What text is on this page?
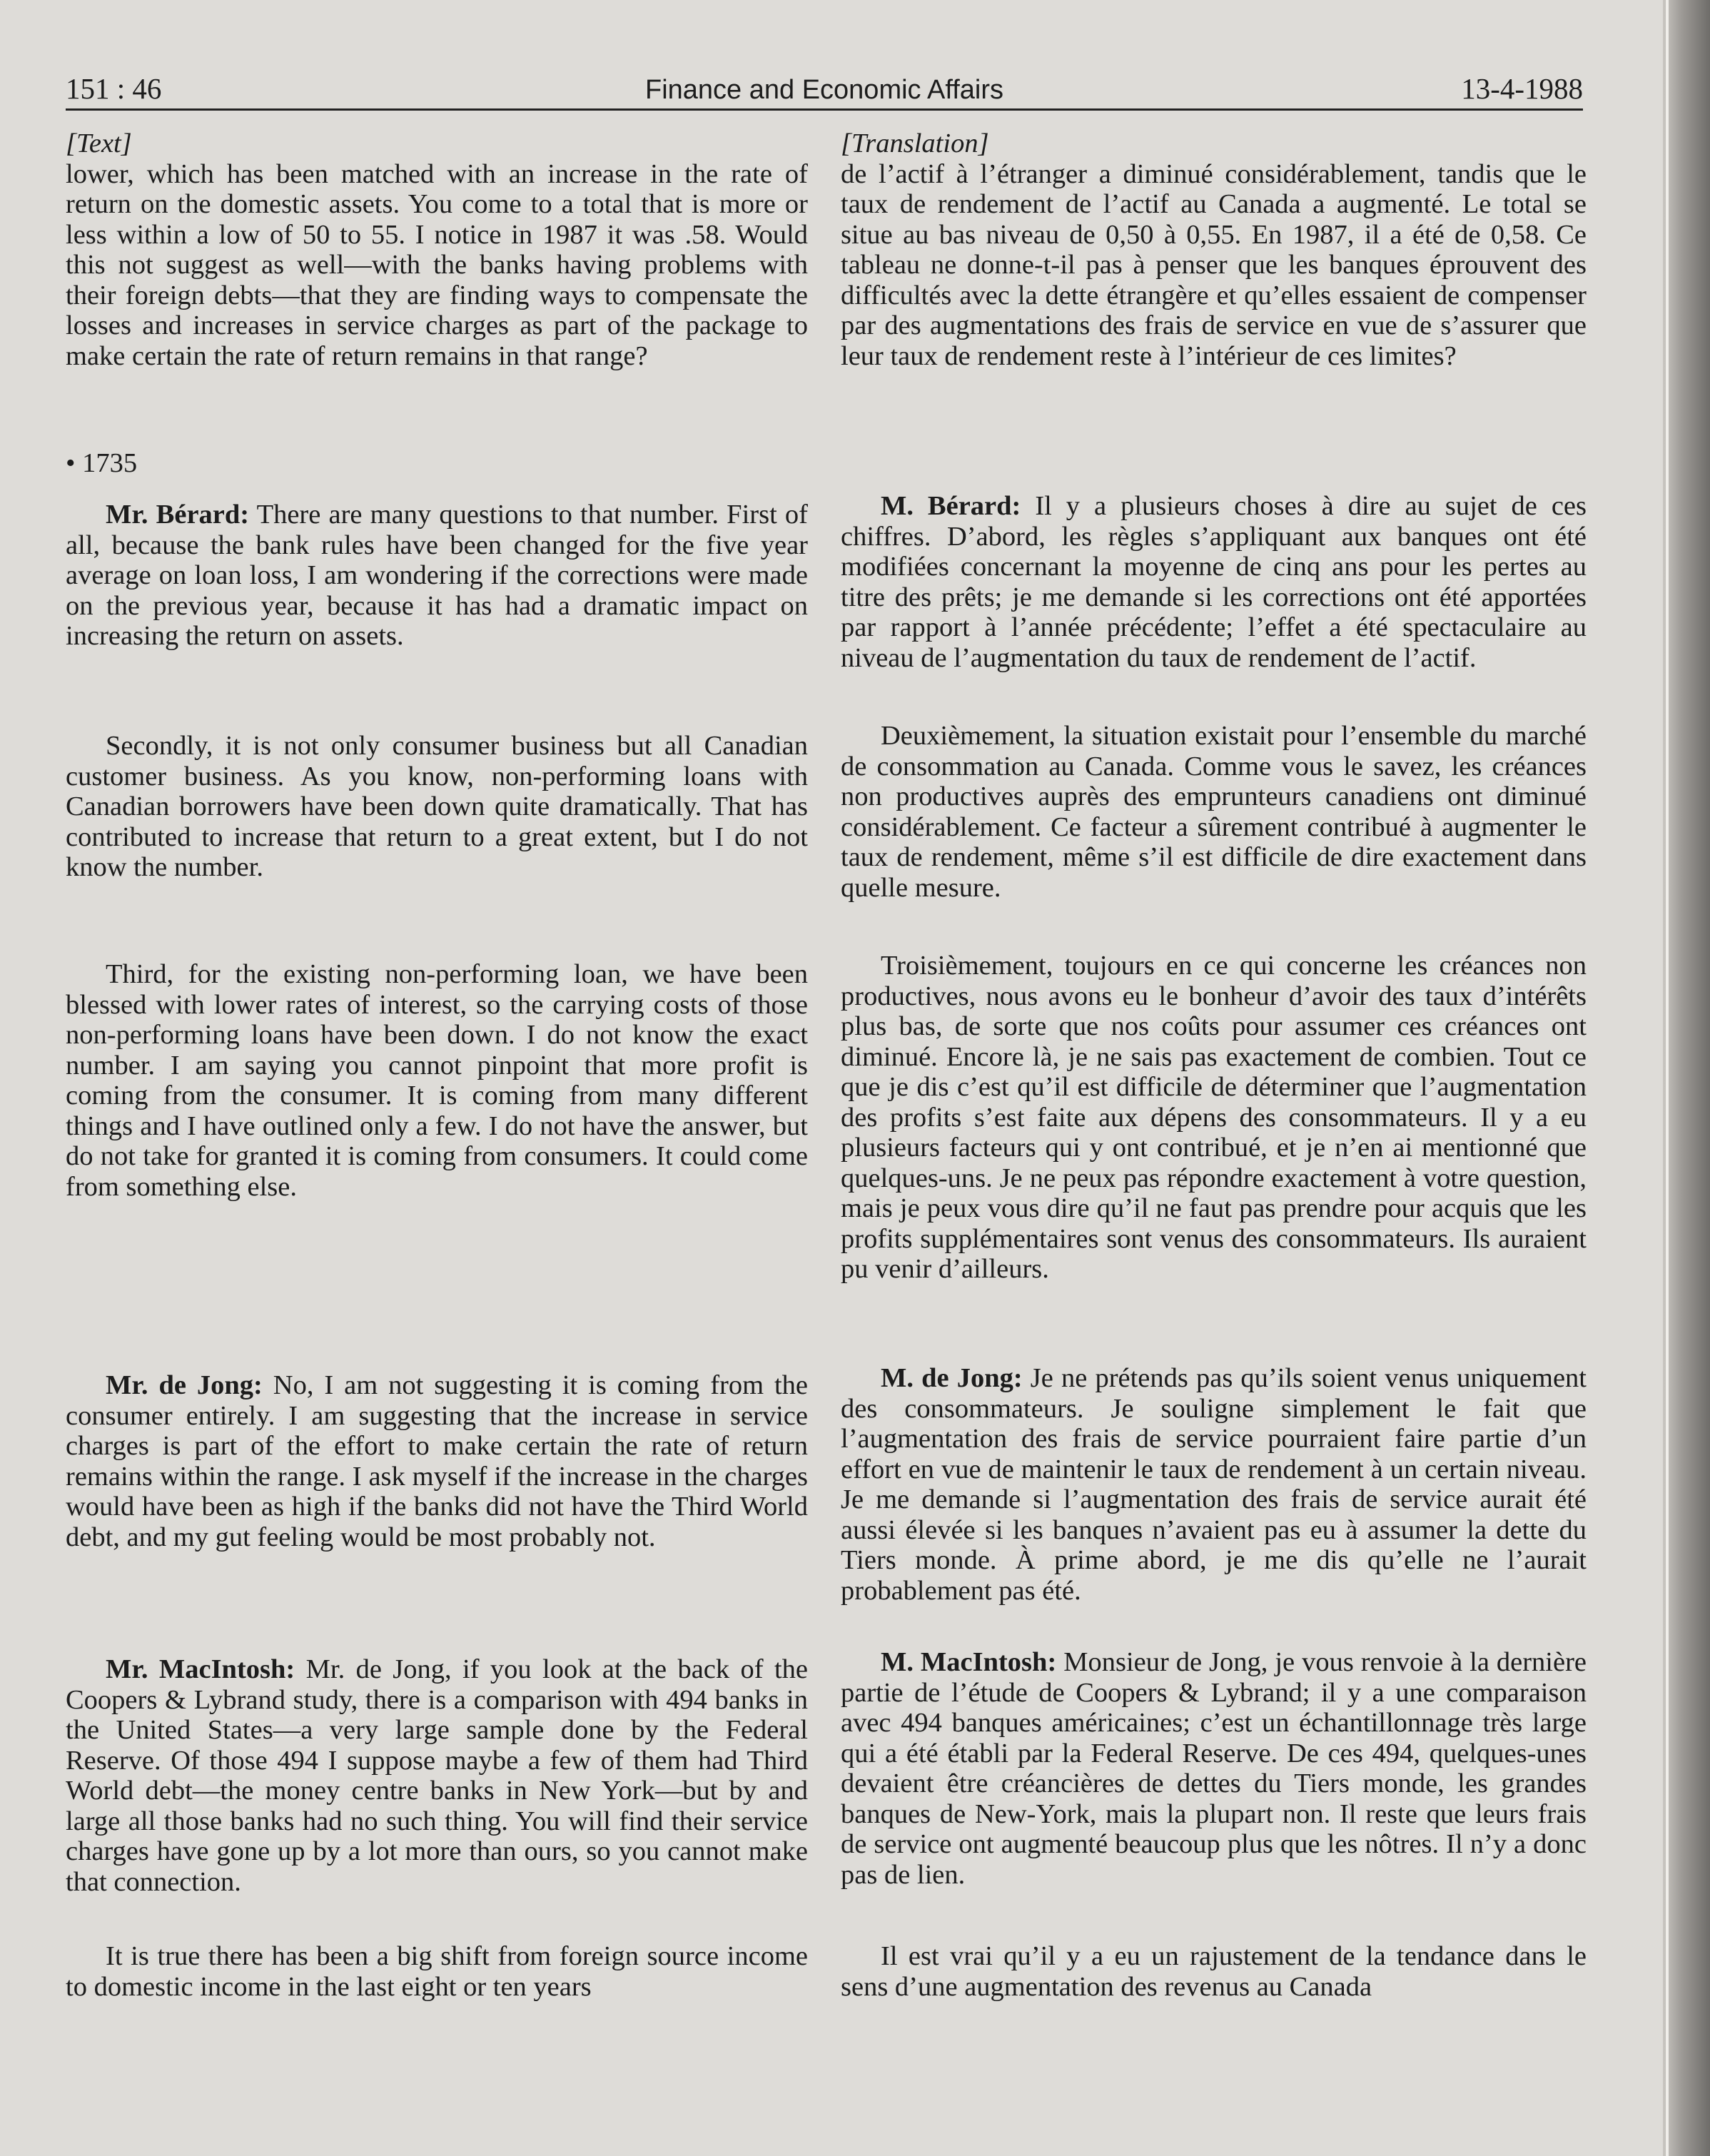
151 : 46	Finance and Economic Affairs	13-4-1988

[Text]

lower, which has been matched with an increase in the rate of return on the domestic assets. You come to a total that is more or less within a low of 50 to 55. I notice in 1987 it was .58. Would this not suggest as well—with the banks having problems with their foreign debts—that they are finding ways to compensate the losses and increases in service charges as part of the package to make certain the rate of return remains in that range?

• 1735

Mr. Bérard: There are many questions to that number. First of all, because the bank rules have been changed for the five year average on loan loss, I am wondering if the corrections were made on the previous year, because it has had a dramatic impact on increasing the return on assets.

Secondly, it is not only consumer business but all Canadian customer business. As you know, non-performing loans with Canadian borrowers have been down quite dramatically. That has contributed to increase that return to a great extent, but I do not know the number.

Third, for the existing non-performing loan, we have been blessed with lower rates of interest, so the carrying costs of those non-performing loans have been down. I do not know the exact number. I am saying you cannot pinpoint that more profit is coming from the consumer. It is coming from many different things and I have outlined only a few. I do not have the answer, but do not take for granted it is coming from consumers. It could come from something else.

Mr. de Jong: No, I am not suggesting it is coming from the consumer entirely. I am suggesting that the increase in service charges is part of the effort to make certain the rate of return remains within the range. I ask myself if the increase in the charges would have been as high if the banks did not have the Third World debt, and my gut feeling would be most probably not.

Mr. MacIntosh: Mr. de Jong, if you look at the back of the Coopers & Lybrand study, there is a comparison with 494 banks in the United States—a very large sample done by the Federal Reserve. Of those 494 I suppose maybe a few of them had Third World debt—the money centre banks in New York—but by and large all those banks had no such thing. You will find their service charges have gone up by a lot more than ours, so you cannot make that connection.

It is true there has been a big shift from foreign source income to domestic income in the last eight or ten years

[Translation]

de l’actif à l’étranger a diminué considérablement, tandis que le taux de rendement de l’actif au Canada a augmenté. Le total se situe au bas niveau de 0,50 à 0,55. En 1987, il a été de 0,58. Ce tableau ne donne-t-il pas à penser que les banques éprouvent des difficultés avec la dette étrangère et qu’elles essaient de compenser par des augmentations des frais de service en vue de s’assurer que leur taux de rendement reste à l’intérieur de ces limites?

M. Bérard: Il y a plusieurs choses à dire au sujet de ces chiffres. D’abord, les règles s’appliquant aux banques ont été modifiées concernant la moyenne de cinq ans pour les pertes au titre des prêts; je me demande si les corrections ont été apportées par rapport à l’année précédente; l’effet a été spectaculaire au niveau de l’augmentation du taux de rendement de l’actif.

Deuxièmement, la situation existait pour l’ensemble du marché de consommation au Canada. Comme vous le savez, les créances non productives auprès des emprunteurs canadiens ont diminué considérablement. Ce facteur a sûrement contribué à augmenter le taux de rendement, même s’il est difficile de dire exactement dans quelle mesure.

Troisièmement, toujours en ce qui concerne les créances non productives, nous avons eu le bonheur d’avoir des taux d’intérêts plus bas, de sorte que nos coûts pour assumer ces créances ont diminué. Encore là, je ne sais pas exactement de combien. Tout ce que je dis c’est qu’il est difficile de déterminer que l’augmentation des profits s’est faite aux dépens des consommateurs. Il y a eu plusieurs facteurs qui y ont contribué, et je n’en ai mentionné que quelques-uns. Je ne peux pas répondre exactement à votre question, mais je peux vous dire qu’il ne faut pas prendre pour acquis que les profits supplémentaires sont venus des consommateurs. Ils auraient pu venir d’ailleurs.

M. de Jong: Je ne prétends pas qu’ils soient venus uniquement des consommateurs. Je souligne simplement le fait que l’augmentation des frais de service pourraient faire partie d’un effort en vue de maintenir le taux de rendement à un certain niveau. Je me demande si l’augmentation des frais de service aurait été aussi élevée si les banques n’avaient pas eu à assumer la dette du Tiers monde. À prime abord, je me dis qu’elle ne l’aurait probablement pas été.

M. MacIntosh: Monsieur de Jong, je vous renvoie à la dernière partie de l’étude de Coopers & Lybrand; il y a une comparaison avec 494 banques américaines; c’est un échantillonnage très large qui a été établi par la Federal Reserve. De ces 494, quelques-unes devaient être créancières de dettes du Tiers monde, les grandes banques de New-York, mais la plupart non. Il reste que leurs frais de service ont augmenté beaucoup plus que les nôtres. Il n’y a donc pas de lien.

Il est vrai qu’il y a eu un rajustement de la tendance dans le sens d’une augmentation des revenus au Canada
